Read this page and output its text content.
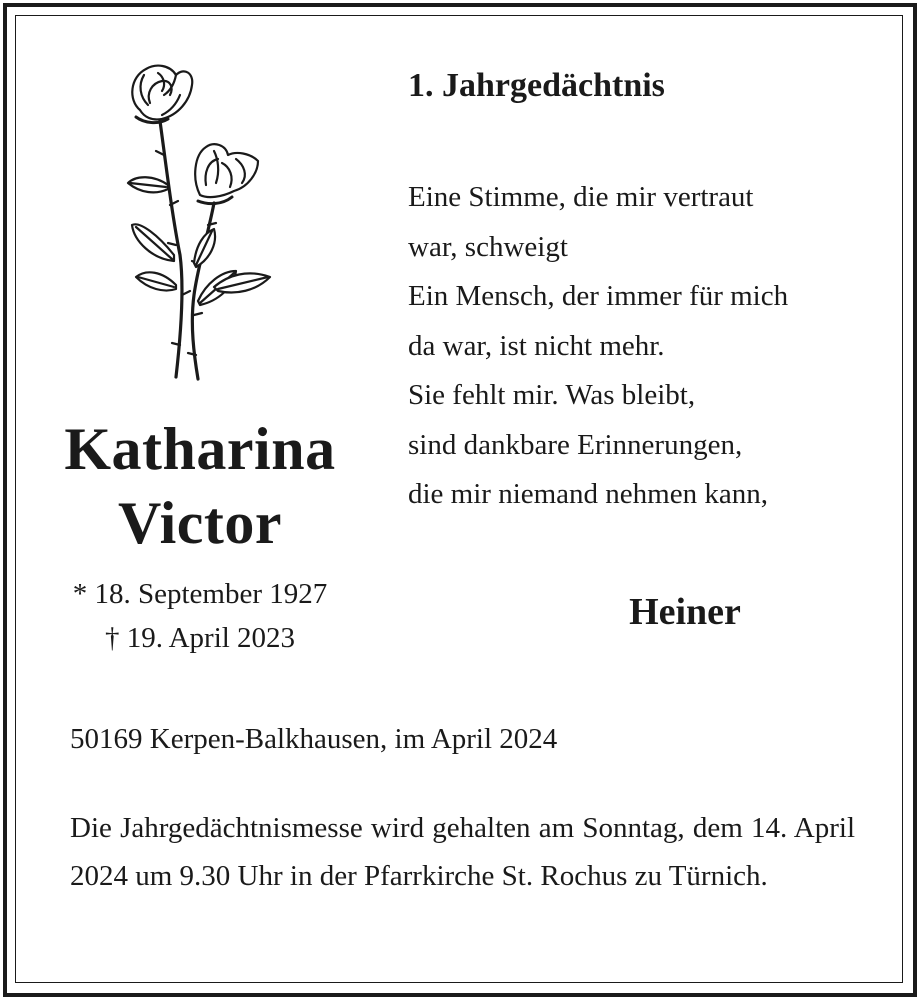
Katharina
Victor
* 18. September 1927
† 19. April 2023
1. Jahrgedächtnis
Eine Stimme, die mir vertraut
war, schweigt
Ein Mensch, der immer für mich
da war, ist nicht mehr.
Sie fehlt mir. Was bleibt,
sind dankbare Erinnerungen,
die mir niemand nehmen kann,
Heiner
50169 Kerpen-Balkhausen, im April 2024
Die Jahrgedächtnismesse wird gehalten am Sonntag, dem 14. April 2024 um 9.30 Uhr in der Pfarrkirche St. Rochus zu Türnich.
